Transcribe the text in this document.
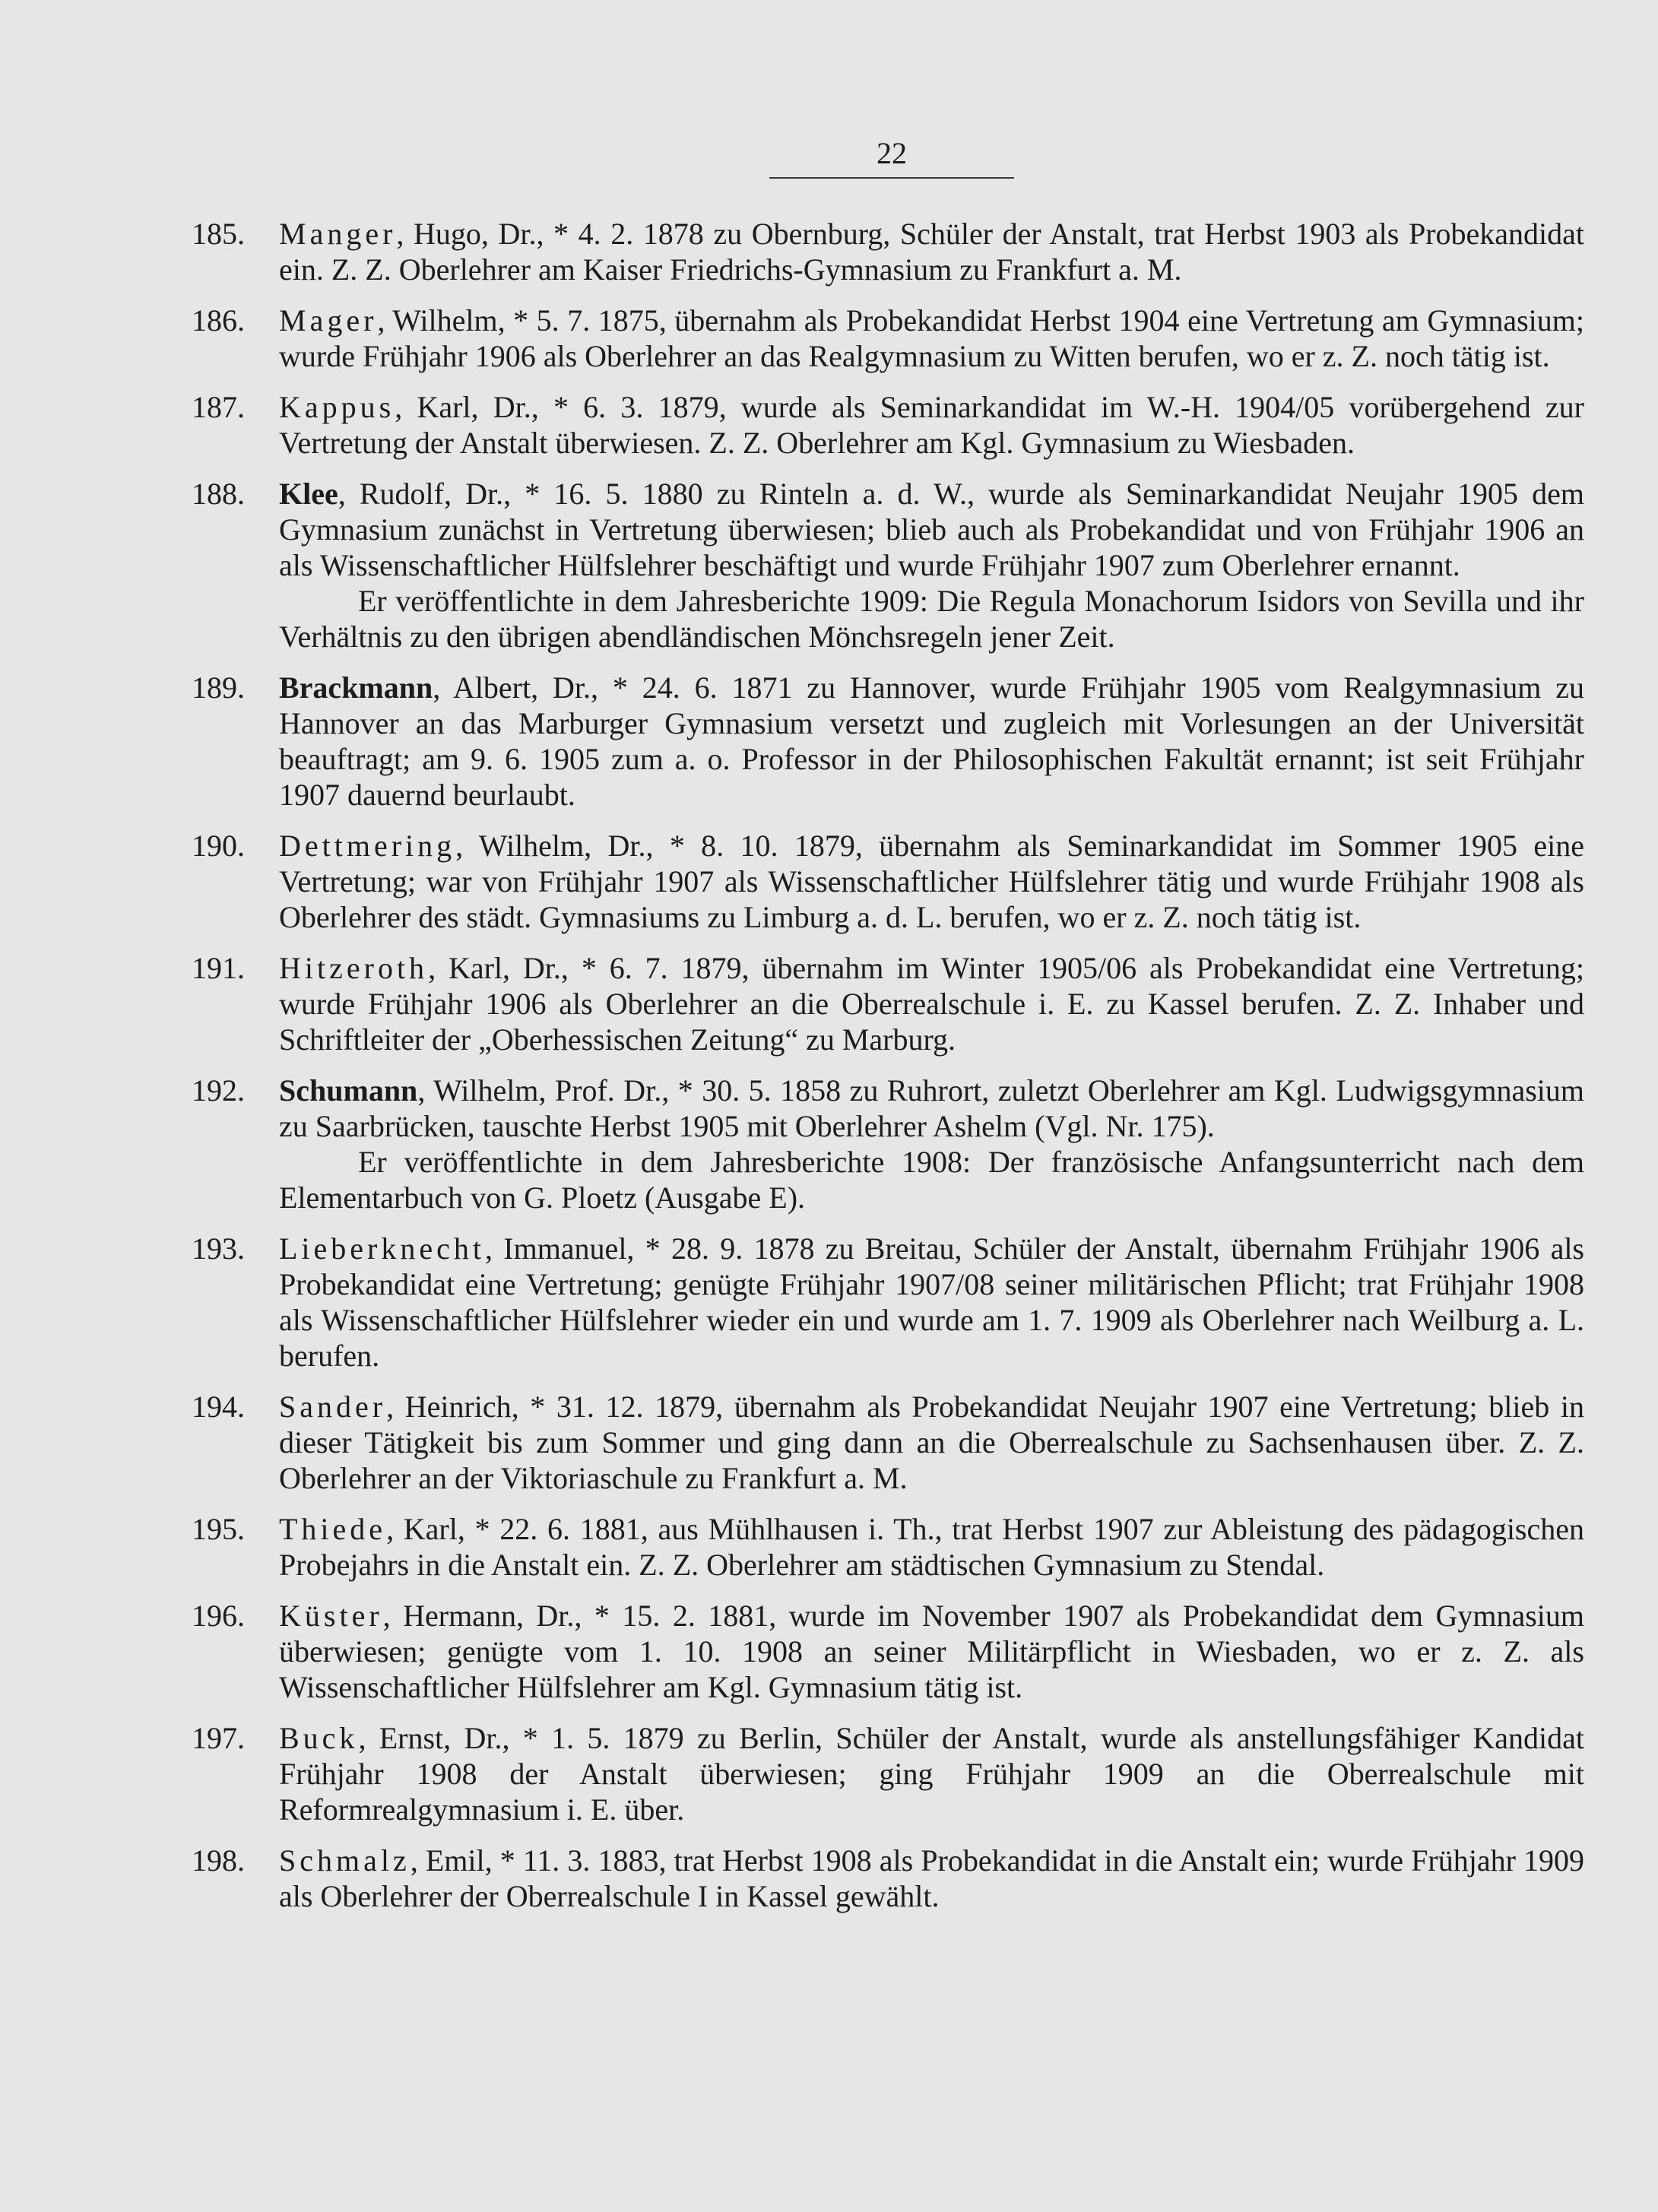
22
185.	Manger, Hugo, Dr., * 4. 2. 1878 zu Obernburg, Schüler der Anstalt, trat Herbst 1903 als Probekandidat ein. Z. Z. Oberlehrer am Kaiser Friedrichs-Gymnasium zu Frankfurt a. M.

186.	Mager, Wilhelm, * 5. 7. 1875, übernahm als Probekandidat Herbst 1904 eine Vertretung am Gymnasium; wurde Frühjahr 1906 als Oberlehrer an das Realgymnasium zu Witten berufen, wo er z. Z. noch tätig ist.

187.	Kappus, Karl, Dr., * 6. 3. 1879, wurde als Seminarkandidat im W.-H. 1904/05 vorübergehend zur Vertretung der Anstalt überwiesen. Z. Z. Oberlehrer am Kgl. Gymnasium zu Wiesbaden.

188.	Klee, Rudolf, Dr., * 16. 5. 1880 zu Rinteln a. d. W., wurde als Seminarkandidat Neujahr 1905 dem Gymnasium zunächst in Vertretung überwiesen; blieb auch als Probekandidat und von Frühjahr 1906 an als Wissenschaftlicher Hülfslehrer beschäftigt und wurde Frühjahr 1907 zum Oberlehrer ernannt.

Er veröffentlichte in dem Jahresberichte 1909: Die Regula Monachorum Isidors von Sevilla und ihr Verhältnis zu den übrigen abendländischen Mönchsregeln jener Zeit.

189.	Brackmann, Albert, Dr., * 24. 6. 1871 zu Hannover, wurde Frühjahr 1905 vom Realgymnasium zu Hannover an das Marburger Gymnasium versetzt und zugleich mit Vorlesungen an der Universität beauftragt; am 9. 6. 1905 zum a. o. Professor in der Philosophischen Fakultät ernannt; ist seit Frühjahr 1907 dauernd beurlaubt.

190.	Dettmering, Wilhelm, Dr., * 8. 10. 1879, übernahm als Seminarkandidat im Sommer 1905 eine Vertretung; war von Frühjahr 1907 als Wissenschaftlicher Hülfslehrer tätig und wurde Frühjahr 1908 als Oberlehrer des städt. Gymnasiums zu Limburg a. d. L. berufen, wo er z. Z. noch tätig ist.

191.	Hitzeroth, Karl, Dr., * 6. 7. 1879, übernahm im Winter 1905/06 als Probekandidat eine Vertretung; wurde Frühjahr 1906 als Oberlehrer an die Oberrealschule i. E. zu Kassel berufen. Z. Z. Inhaber und Schriftleiter der „Oberhessischen Zeitung“ zu Marburg.

192.	Schumann, Wilhelm, Prof. Dr., * 30. 5. 1858 zu Ruhrort, zuletzt Oberlehrer am Kgl. Ludwigsgymnasium zu Saarbrücken, tauschte Herbst 1905 mit Oberlehrer Ashelm (Vgl. Nr. 175).

Er veröffentlichte in dem Jahresberichte 1908: Der französische Anfangsunterricht nach dem Elementarbuch von G. Ploetz (Ausgabe E).

193.	Lieberknecht, Immanuel, * 28. 9. 1878 zu Breitau, Schüler der Anstalt, übernahm Frühjahr 1906 als Probekandidat eine Vertretung; genügte Frühjahr 1907/08 seiner militärischen Pflicht; trat Frühjahr 1908 als Wissenschaftlicher Hülfslehrer wieder ein und wurde am 1. 7. 1909 als Oberlehrer nach Weilburg a. L. berufen.

194.	Sander, Heinrich, * 31. 12. 1879, übernahm als Probekandidat Neujahr 1907 eine Vertretung; blieb in dieser Tätigkeit bis zum Sommer und ging dann an die Oberrealschule zu Sachsenhausen über. Z. Z. Oberlehrer an der Viktoriaschule zu Frankfurt a. M.

195.	Thiede, Karl, * 22. 6. 1881, aus Mühlhausen i. Th., trat Herbst 1907 zur Ableistung des pädagogischen Probejahrs in die Anstalt ein. Z. Z. Oberlehrer am städtischen Gymnasium zu Stendal.

196.	Küster, Hermann, Dr., * 15. 2. 1881, wurde im November 1907 als Probekandidat dem Gymnasium überwiesen; genügte vom 1. 10. 1908 an seiner Militärpflicht in Wiesbaden, wo er z. Z. als Wissenschaftlicher Hülfslehrer am Kgl. Gymnasium tätig ist.

197.	Buck, Ernst, Dr., * 1. 5. 1879 zu Berlin, Schüler der Anstalt, wurde als anstellungsfähiger Kandidat Frühjahr 1908 der Anstalt überwiesen; ging Frühjahr 1909 an die Oberrealschule mit Reformrealgymnasium i. E. über.

198.	Schmalz, Emil, * 11. 3. 1883, trat Herbst 1908 als Probekandidat in die Anstalt ein; wurde Frühjahr 1909 als Oberlehrer der Oberrealschule I in Kassel gewählt.
